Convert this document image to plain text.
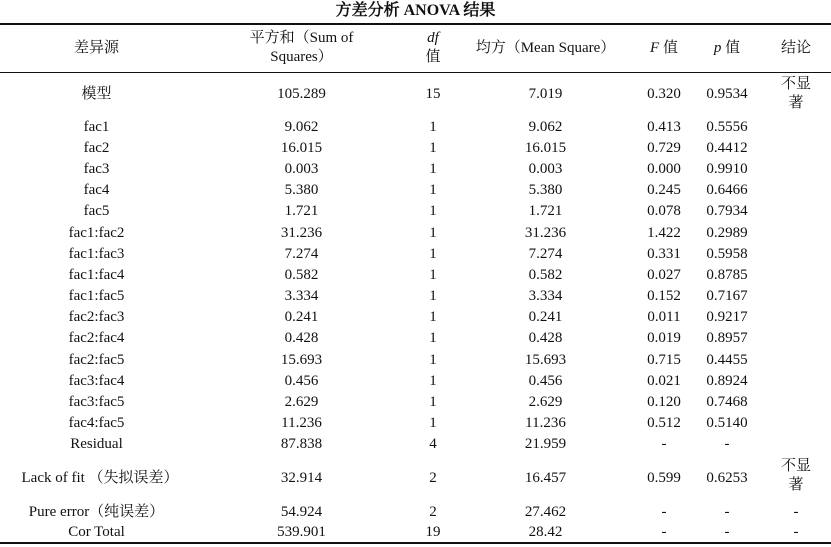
方差分析 ANOVA 结果
差异源	平方和（Sum of Squares）	df 值	均方（Mean Square）	F 值	p 值	结论
模型	105.289	15	7.019	0.320	0.9534	不显著
fac1	9.062	1	9.062	0.413	0.5556	
fac2	16.015	1	16.015	0.729	0.4412	
fac3	0.003	1	0.003	0.000	0.9910	
fac4	5.380	1	5.380	0.245	0.6466	
fac5	1.721	1	1.721	0.078	0.7934	
fac1:fac2	31.236	1	31.236	1.422	0.2989	
fac1:fac3	7.274	1	7.274	0.331	0.5958	
fac1:fac4	0.582	1	0.582	0.027	0.8785	
fac1:fac5	3.334	1	3.334	0.152	0.7167	
fac2:fac3	0.241	1	0.241	0.011	0.9217	
fac2:fac4	0.428	1	0.428	0.019	0.8957	
fac2:fac5	15.693	1	15.693	0.715	0.4455	
fac3:fac4	0.456	1	0.456	0.021	0.8924	
fac3:fac5	2.629	1	2.629	0.120	0.7468	
fac4:fac5	11.236	1	11.236	0.512	0.5140	
Residual	87.838	4	21.959	-	-	
Lack of fit （失拟误差）	32.914	2	16.457	0.599	0.6253	不显著
Pure error（纯误差）	54.924	2	27.462	-	-	-
Cor Total	539.901	19	28.42	-	-	-
